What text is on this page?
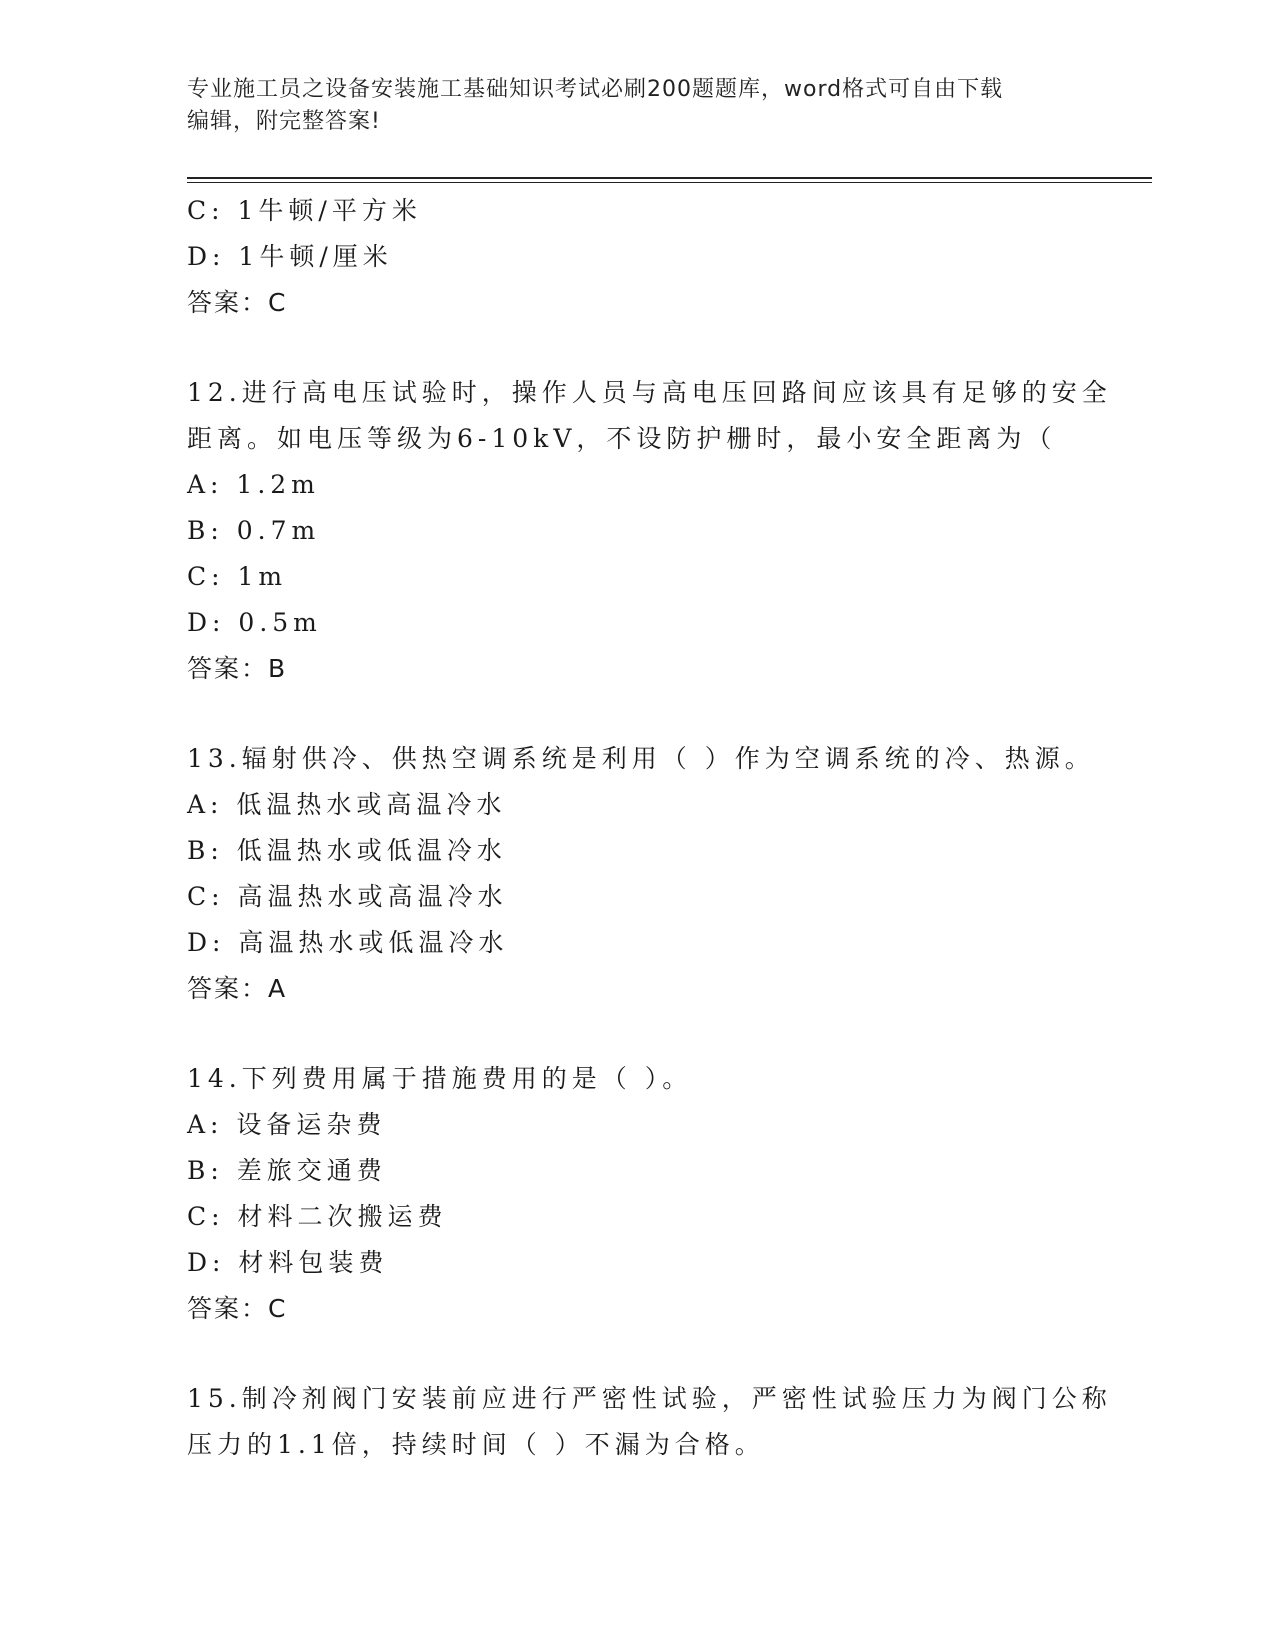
专业施工员之设备安装施工基础知识考试必刷200题题库，word格式可自由下载
编辑，附完整答案!
C: 1牛顿/平方米
D: 1牛顿/厘米
答案：C
12.进行高电压试验时，操作人员与高电压回路间应该具有足够的安全
距离。如电压等级为6-10kV，不设防护栅时，最小安全距离为（
A: 1.2m
B: 0.7m
C: 1m
D: 0.5m
答案：B
13.辐射供冷、供热空调系统是利用（ ）作为空调系统的冷、热源。
A: 低温热水或高温冷水
B: 低温热水或低温冷水
C: 高温热水或高温冷水
D: 高温热水或低温冷水
答案：A
14.下列费用属于措施费用的是（ ）。
A: 设备运杂费
B: 差旅交通费
C: 材料二次搬运费
D: 材料包装费
答案：C
15.制冷剂阀门安装前应进行严密性试验，严密性试验压力为阀门公称
压力的1.1倍，持续时间（ ）不漏为合格。
